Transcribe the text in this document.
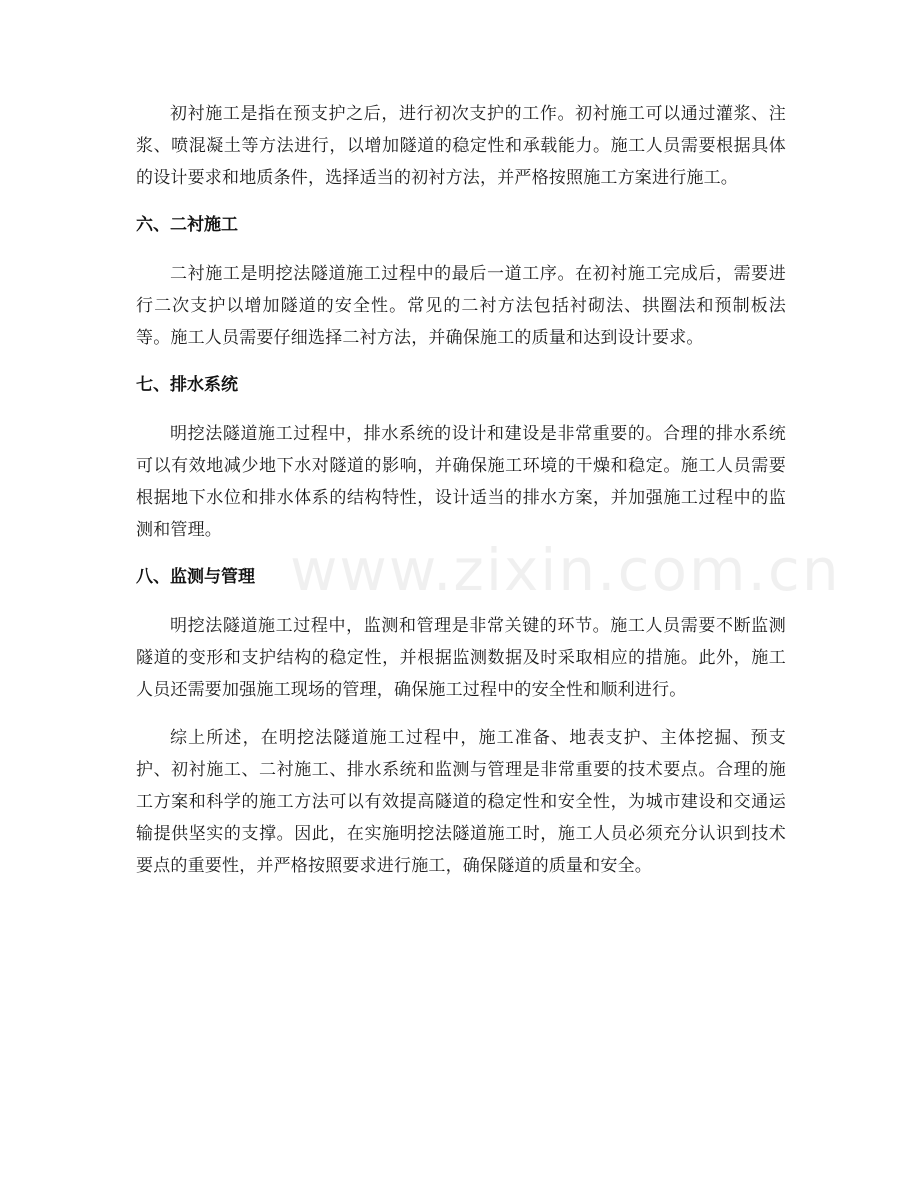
初衬施工是指在预支护之后，进行初次支护的工作。初衬施工可以通过灌浆、注浆、喷混凝土等方法进行，以增加隧道的稳定性和承载能力。施工人员需要根据具体的设计要求和地质条件，选择适当的初衬方法，并严格按照施工方案进行施工。

六、二衬施工

二衬施工是明挖法隧道施工过程中的最后一道工序。在初衬施工完成后，需要进行二次支护以增加隧道的安全性。常见的二衬方法包括衬砌法、拱圈法和预制板法等。施工人员需要仔细选择二衬方法，并确保施工的质量和达到设计要求。

七、排水系统

明挖法隧道施工过程中，排水系统的设计和建设是非常重要的。合理的排水系统可以有效地减少地下水对隧道的影响，并确保施工环境的干燥和稳定。施工人员需要根据地下水位和排水体系的结构特性，设计适当的排水方案，并加强施工过程中的监测和管理。

八、监测与管理

明挖法隧道施工过程中，监测和管理是非常关键的环节。施工人员需要不断监测隧道的变形和支护结构的稳定性，并根据监测数据及时采取相应的措施。此外，施工人员还需要加强施工现场的管理，确保施工过程中的安全性和顺利进行。

综上所述，在明挖法隧道施工过程中，施工准备、地表支护、主体挖掘、预支护、初衬施工、二衬施工、排水系统和监测与管理是非常重要的技术要点。合理的施工方案和科学的施工方法可以有效提高隧道的稳定性和安全性，为城市建设和交通运输提供坚实的支撑。因此，在实施明挖法隧道施工时，施工人员必须充分认识到技术要点的重要性，并严格按照要求进行施工，确保隧道的质量和安全。

www.zixin.com.cn
